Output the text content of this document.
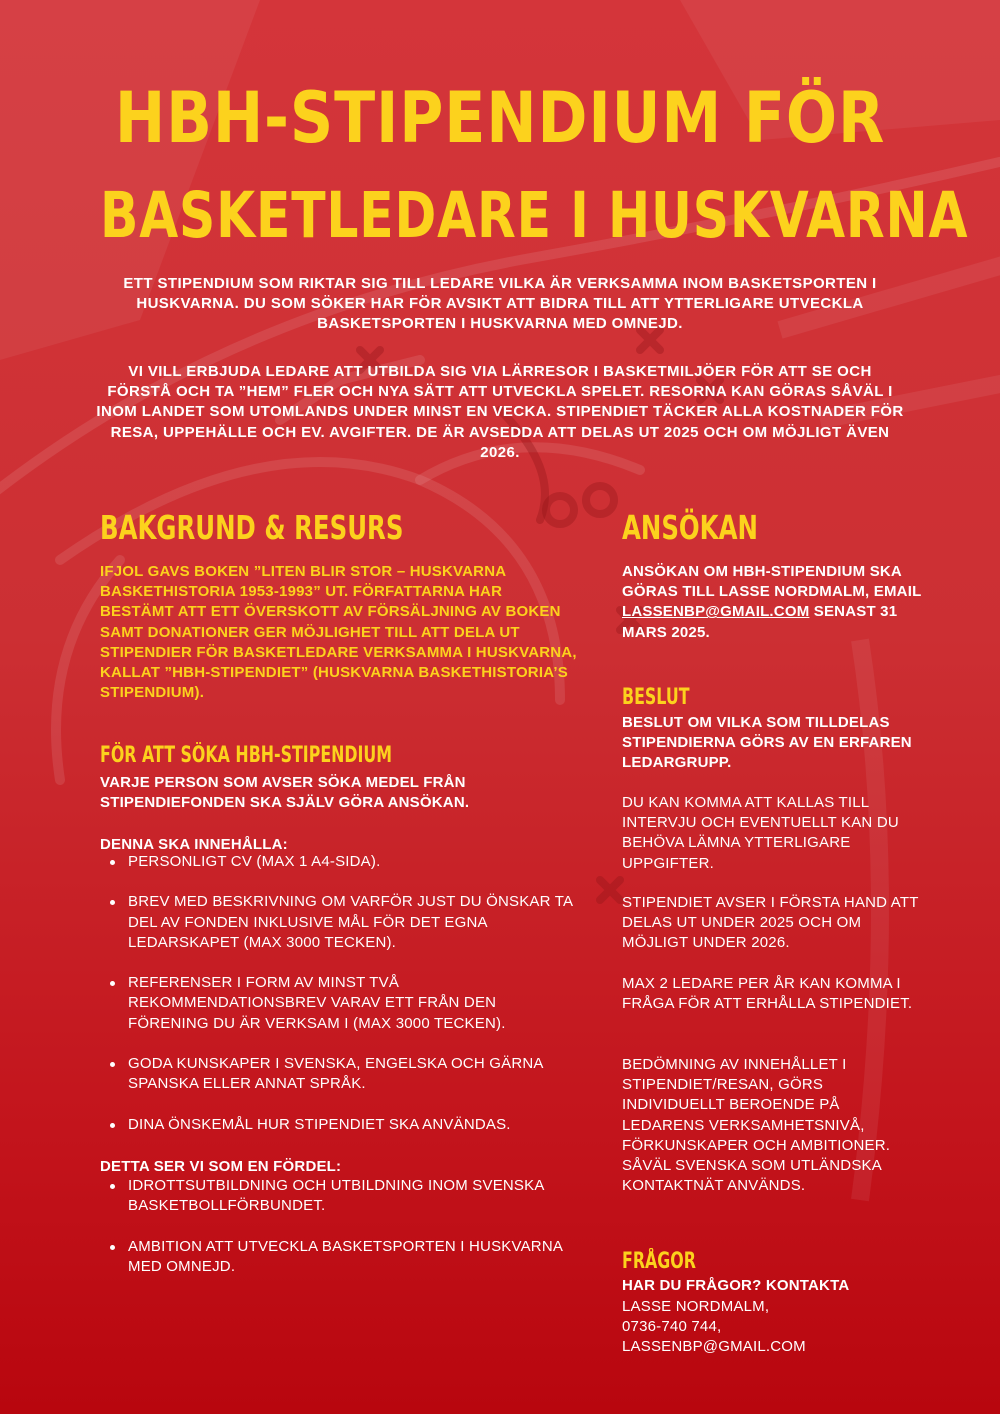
HBH-STIPENDIUM FÖR
BASKETLEDARE I HUSKVARNA

ETT STIPENDIUM SOM RIKTAR SIG TILL LEDARE VILKA ÄR VERKSAMMA INOM BASKETSPORTEN I HUSKVARNA. DU SOM SÖKER HAR FÖR AVSIKT ATT BIDRA TILL ATT YTTERLIGARE UTVECKLA BASKETSPORTEN I HUSKVARNA MED OMNEJD.

VI VILL ERBJUDA LEDARE ATT UTBILDA SIG VIA LÄRRESOR I BASKETMILJÖER FÖR ATT SE OCH FÖRSTÅ OCH TA ”HEM” FLER OCH NYA SÄTT ATT UTVECKLA SPELET. RESORNA KAN GÖRAS SÅVÄL I INOM LANDET SOM UTOMLANDS UNDER MINST EN VECKA. STIPENDIET TÄCKER ALLA KOSTNADER FÖR RESA, UPPEHÄLLE OCH EV. AVGIFTER. DE ÄR AVSEDDA ATT DELAS UT 2025 OCH OM MÖJLIGT ÄVEN 2026.

BAKGRUND & RESURS

IFJOL GAVS BOKEN ”LITEN BLIR STOR – HUSKVARNA BASKETHISTORIA 1953-1993” UT. FÖRFATTARNA HAR BESTÄMT ATT ETT ÖVERSKOTT AV FÖRSÄLJNING AV BOKEN SAMT DONATIONER GER MÖJLIGHET TILL ATT DELA UT STIPENDIER FÖR BASKETLEDARE VERKSAMMA I HUSKVARNA, KALLAT ”HBH-STIPENDIET” (HUSKVARNA BASKETHISTORIA’S STIPENDIUM).

FÖR ATT SÖKA HBH-STIPENDIUM

VARJE PERSON SOM AVSER SÖKA MEDEL FRÅN STIPENDIEFONDEN SKA SJÄLV GÖRA ANSÖKAN.

DENNA SKA INNEHÅLLA:

PERSONLIGT CV (MAX 1 A4-SIDA).
BREV MED BESKRIVNING OM VARFÖR JUST DU ÖNSKAR TA DEL AV FONDEN INKLUSIVE MÅL FÖR DET EGNA LEDARSKAPET (MAX 3000 TECKEN).
REFERENSER I FORM AV MINST TVÅ REKOMMENDATIONSBREV VARAV ETT FRÅN DEN FÖRENING DU ÄR VERKSAM I (MAX 3000 TECKEN).
GODA KUNSKAPER I SVENSKA, ENGELSKA OCH GÄRNA SPANSKA ELLER ANNAT SPRÅK.
DINA ÖNSKEMÅL HUR STIPENDIET SKA ANVÄNDAS.

DETTA SER VI SOM EN FÖRDEL:

IDROTTSUTBILDNING OCH UTBILDNING INOM SVENSKA BASKETBOLLFÖRBUNDET.
AMBITION ATT UTVECKLA BASKETSPORTEN I HUSKVARNA MED OMNEJD.
ANSÖKAN

ANSÖKAN OM HBH-STIPENDIUM SKA GÖRAS TILL LASSE NORDMALM, EMAIL LASSENBP@GMAIL.COM SENAST 31 MARS 2025.

BESLUT

BESLUT OM VILKA SOM TILLDELAS STIPENDIERNA GÖRS AV EN ERFAREN LEDARGRUPP.

DU KAN KOMMA ATT KALLAS TILL INTERVJU OCH EVENTUELLT KAN DU BEHÖVA LÄMNA YTTERLIGARE UPPGIFTER.

STIPENDIET AVSER I FÖRSTA HAND ATT DELAS UT UNDER 2025 OCH OM MÖJLIGT UNDER 2026.

MAX 2 LEDARE PER ÅR KAN KOMMA I FRÅGA FÖR ATT ERHÅLLA STIPENDIET.

BEDÖMNING AV INNEHÅLLET I STIPENDIET/RESAN, GÖRS INDIVIDUELLT BEROENDE PÅ LEDARENS VERKSAMHETSNIVÅ, FÖRKUNSKAPER OCH AMBITIONER. SÅVÄL SVENSKA SOM UTLÄNDSKA KONTAKTNÄT ANVÄNDS.

FRÅGOR

HAR DU FRÅGOR? KONTAKTA

LASSE NORDMALM,
0736-740 744,
LASSENBP@GMAIL.COM
